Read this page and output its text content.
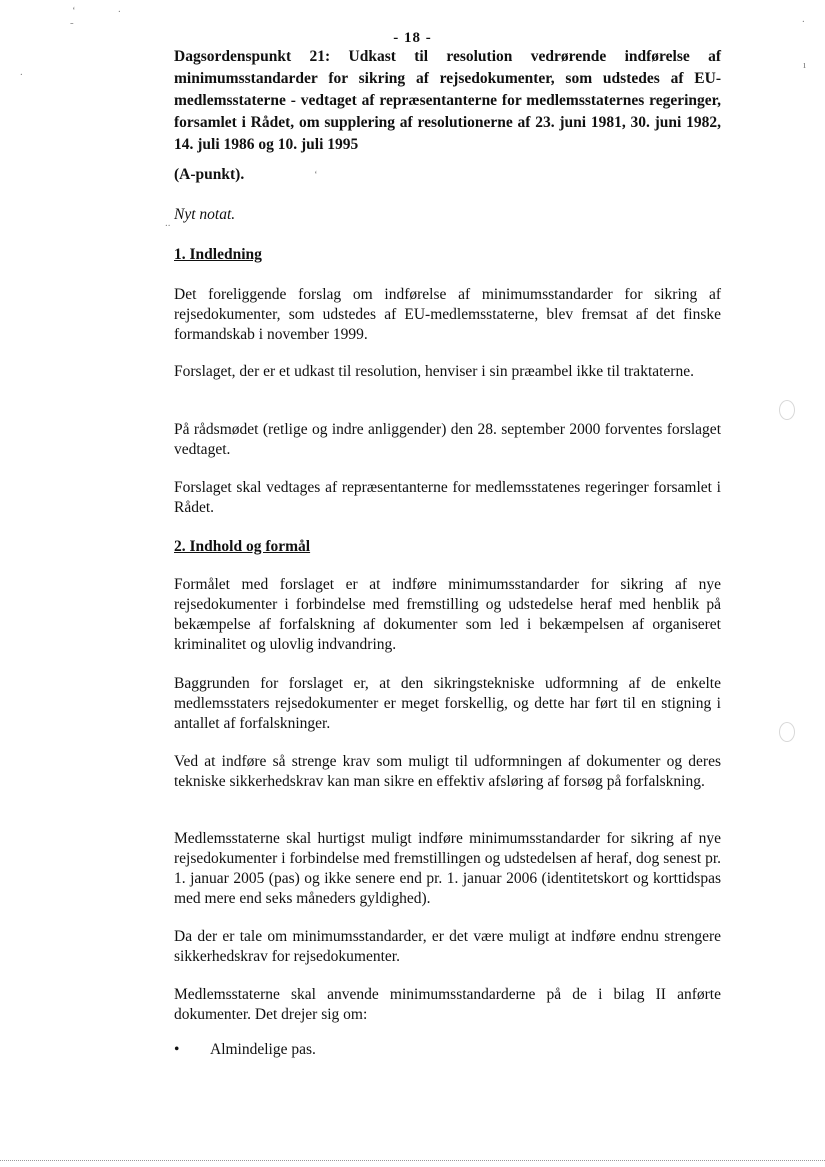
‘	.
-	.
ı
.
- 18 -
Dagsordenspunkt 21: Udkast til resolution vedrørende indførelse af minimumsstandarder for sikring af rejsedokumenter, som udstedes af EU-medlemsstaterne - vedtaget af repræsentanterne for medlemsstaternes regeringer, forsamlet i Rådet, om supplering af resolutionerne af 23. juni 1981, 30. juni 1982, 14. juli 1986 og 10. juli 1995
(A-punkt).	‘
Nyt notat.
..
1. Indledning
Det foreliggende forslag om indførelse af minimumsstandarder for sikring af rejsedokumenter, som udstedes af EU-medlemsstaterne, blev fremsat af det finske formandskab i november 1999.
Forslaget, der er et udkast til resolution, henviser i sin præambel ikke til traktaterne.
På rådsmødet (retlige og indre anliggender) den 28. september 2000 forventes forslaget vedtaget.
Forslaget skal vedtages af repræsentanterne for medlemsstatenes regeringer forsamlet i Rådet.
2. Indhold og formål
Formålet med forslaget er at indføre minimumsstandarder for sikring af nye rejsedokumenter i forbindelse med fremstilling og udstedelse heraf med henblik på bekæmpelse af forfalskning af dokumenter som led i bekæmpelsen af organiseret kriminalitet og ulovlig indvandring.
Baggrunden for forslaget er, at den sikringstekniske udformning af de enkelte medlemsstaters rejsedokumenter er meget forskellig, og dette har ført til en stigning i antallet af forfalskninger.
Ved at indføre så strenge krav som muligt til udformningen af dokumenter og deres tekniske sikkerhedskrav kan man sikre en effektiv afsløring af forsøg på forfalskning.
Medlemsstaterne skal hurtigst muligt indføre minimumsstandarder for sikring af nye rejsedokumenter i forbindelse med fremstillingen og udstedelsen af heraf, dog senest pr. 1. januar 2005 (pas) og ikke senere end pr. 1. januar 2006 (identitetskort og korttidspas med mere end seks måneders gyldighed).
Da der er tale om minimumsstandarder, er det være muligt at indføre endnu strengere sikkerhedskrav for rejsedokumenter.
Medlemsstaterne skal anvende minimumsstandarderne på de i bilag II anførte dokumenter. Det drejer sig om:
• Almindelige pas.
